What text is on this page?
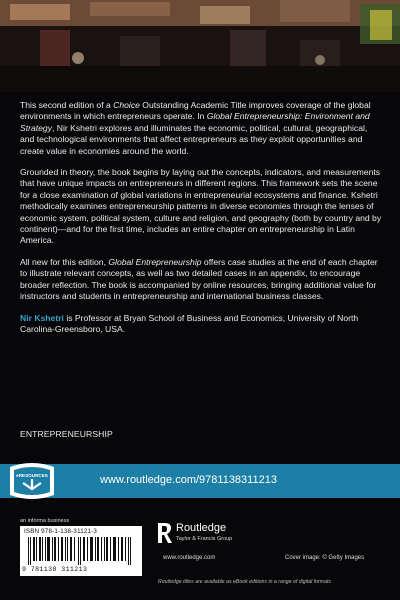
This second edition of a Choice Outstanding Academic Title improves coverage of the global environments in which entrepreneurs operate. In Global Entrepreneurship: Environment and Strategy, Nir Kshetri explores and illuminates the economic, political, cultural, geographical, and technological environments that affect entrepreneurs as they exploit opportunities and create value in economies around the world.

Grounded in theory, the book begins by laying out the concepts, indicators, and measurements that have unique impacts on entrepreneurs in different regions. This framework sets the scene for a close examination of global variations in entrepreneurial ecosystems and finance. Kshetri methodically examines entrepreneurship patterns in diverse economies through the lenses of economic system, political system, culture and religion, and geography (both by country and by continent)—and for the first time, includes an entire chapter on entrepreneurship in Latin America.

All new for this edition, Global Entrepreneurship offers case studies at the end of each chapter to illustrate relevant concepts, as well as two detailed cases in an appendix, to encourage broader reflection. The book is accompanied by online resources, bringing additional value for instructors and students in entrepreneurship and international business classes.

Nir Kshetri is Professor at Bryan School of Business and Economics, University of North Carolina-Greensboro, USA.

ENTREPRENEURSHIP
eRESOURCES	www.routledge.com/9781138311213
an informa business
ISBN 978-1-138-31121-3
9 781138 311213
Routledge
Taylor & Francis Group
www.routledge.com	Cover image: © Getty Images
Routledge titles are available as eBook editions in a range of digital formats
